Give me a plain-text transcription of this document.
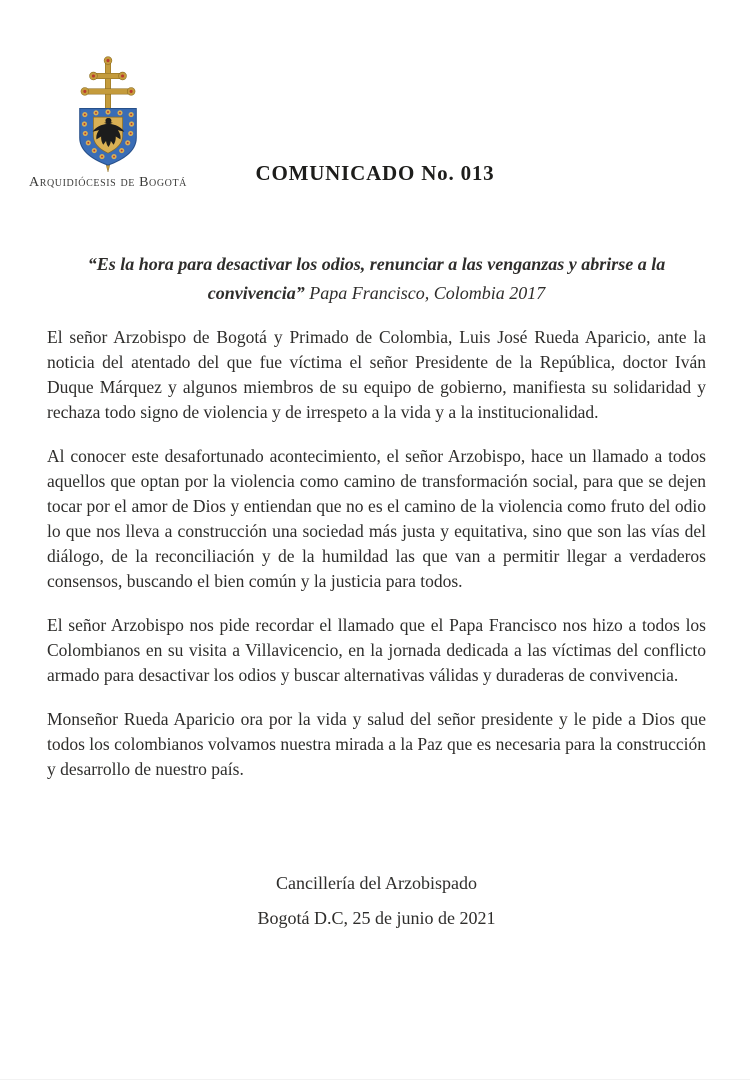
Arquidiócesis de Bogotá	COMUNICADO No. 013
“Es la hora para desactivar los odios, renunciar a las venganzas y abrirse a la convivencia” Papa Francisco, Colombia 2017

El señor Arzobispo de Bogotá y Primado de Colombia, Luis José Rueda Aparicio, ante la noticia del atentado del que fue víctima el señor Presidente de la República, doctor Iván Duque Márquez y algunos miembros de su equipo de gobierno, manifiesta su solidaridad y rechaza todo signo de violencia y de irrespeto a la vida y a la institucionalidad.

Al conocer este desafortunado acontecimiento, el señor Arzobispo, hace un llamado a todos aquellos que optan por la violencia como camino de transformación social, para que se dejen tocar por el amor de Dios y entiendan que no es el camino de la violencia como fruto del odio lo que nos lleva a construcción una sociedad más justa y equitativa, sino que son las vías del diálogo, de la reconciliación y de la humildad las que van a permitir llegar a verdaderos consensos, buscando el bien común y la justicia para todos.

El señor Arzobispo nos pide recordar el llamado que el Papa Francisco nos hizo a todos los Colombianos en su visita a Villavicencio, en la jornada dedicada a las víctimas del conflicto armado para desactivar los odios y buscar alternativas válidas y duraderas de convivencia.

Monseñor Rueda Aparicio ora por la vida y salud del señor presidente y le pide a Dios que todos los colombianos volvamos nuestra mirada a la Paz que es necesaria para la construcción y desarrollo de nuestro país.

Cancillería del Arzobispado
Bogotá D.C, 25 de junio de 2021
